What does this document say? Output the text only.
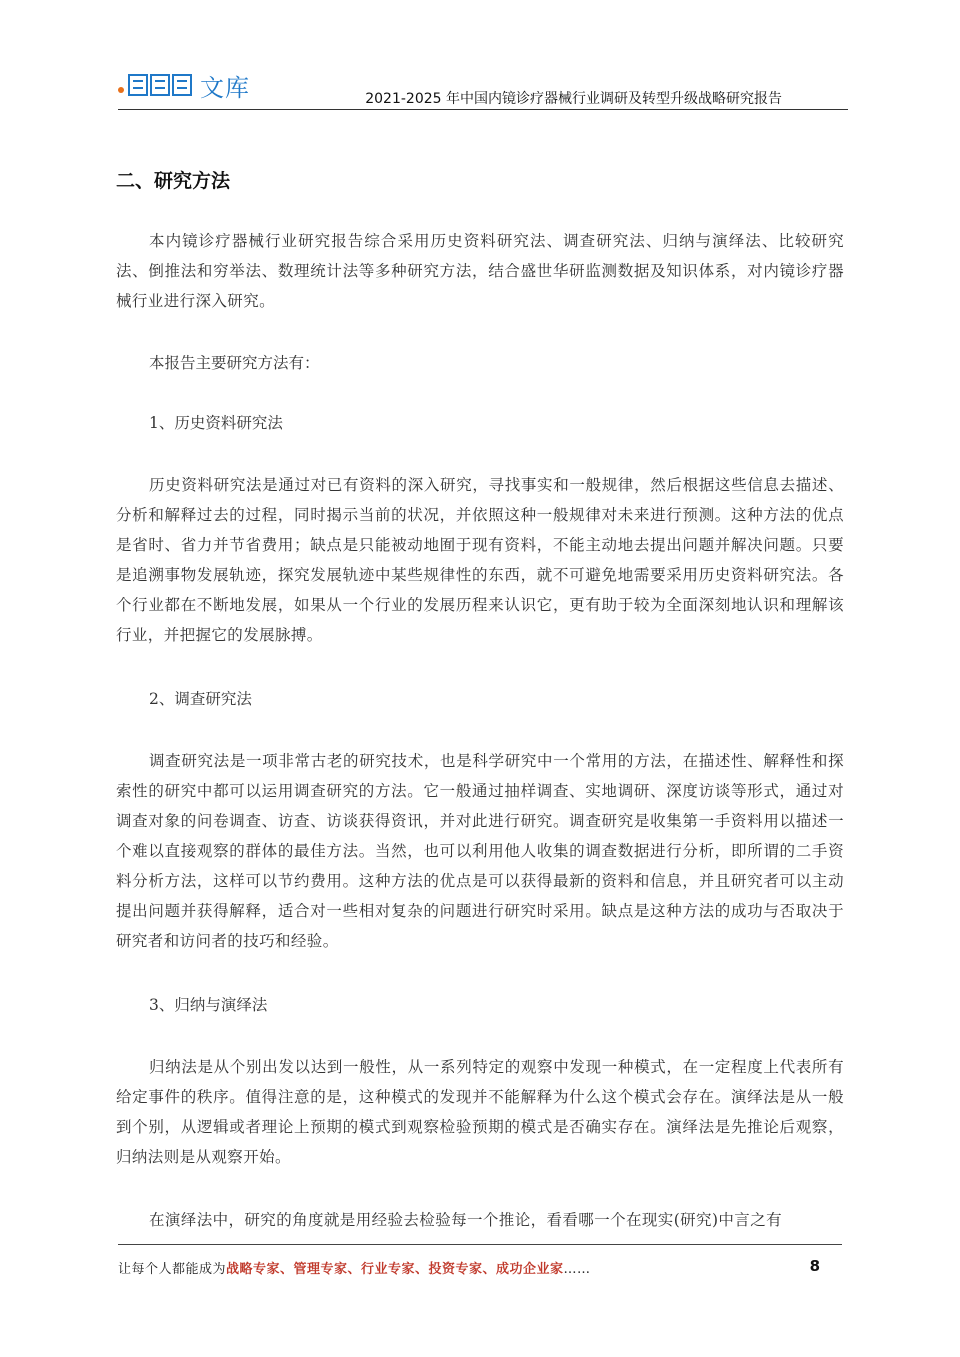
文库	2021-2025 年中国内镜诊疗器械行业调研及转型升级战略研究报告
二、研究方法

本内镜诊疗器械行业研究报告综合采用历史资料研究法、调查研究法、归纳与演绎法、比较研究法、倒推法和穷举法、数理统计法等多种研究方法，结合盛世华研监测数据及知识体系，对内镜诊疗器械行业进行深入研究。

本报告主要研究方法有：

1、历史资料研究法

历史资料研究法是通过对已有资料的深入研究，寻找事实和一般规律，然后根据这些信息去描述、分析和解释过去的过程，同时揭示当前的状况，并依照这种一般规律对未来进行预测。这种方法的优点是省时、省力并节省费用；缺点是只能被动地囿于现有资料，不能主动地去提出问题并解决问题。只要是追溯事物发展轨迹，探究发展轨迹中某些规律性的东西，就不可避免地需要采用历史资料研究法。各个行业都在不断地发展，如果从一个行业的发展历程来认识它，更有助于较为全面深刻地认识和理解该行业，并把握它的发展脉搏。

2、调查研究法

调查研究法是一项非常古老的研究技术，也是科学研究中一个常用的方法，在描述性、解释性和探索性的研究中都可以运用调查研究的方法。它一般通过抽样调查、实地调研、深度访谈等形式，通过对调查对象的问卷调查、访查、访谈获得资讯，并对此进行研究。调查研究是收集第一手资料用以描述一个难以直接观察的群体的最佳方法。当然，也可以利用他人收集的调查数据进行分析，即所谓的二手资料分析方法，这样可以节约费用。这种方法的优点是可以获得最新的资料和信息，并且研究者可以主动提出问题并获得解释，适合对一些相对复杂的问题进行研究时采用。缺点是这种方法的成功与否取决于研究者和访问者的技巧和经验。

3、归纳与演绎法

归纳法是从个别出发以达到一般性，从一系列特定的观察中发现一种模式，在一定程度上代表所有给定事件的秩序。值得注意的是，这种模式的发现并不能解释为什么这个模式会存在。演绎法是从一般到个别，从逻辑或者理论上预期的模式到观察检验预期的模式是否确实存在。演绎法是先推论后观察，归纳法则是从观察开始。

在演绎法中，研究的角度就是用经验去检验每一个推论，看看哪一个在现实(研究)中言之有

让每个人都能成为战略专家、管理专家、行业专家、投资专家、成功企业家……	8
